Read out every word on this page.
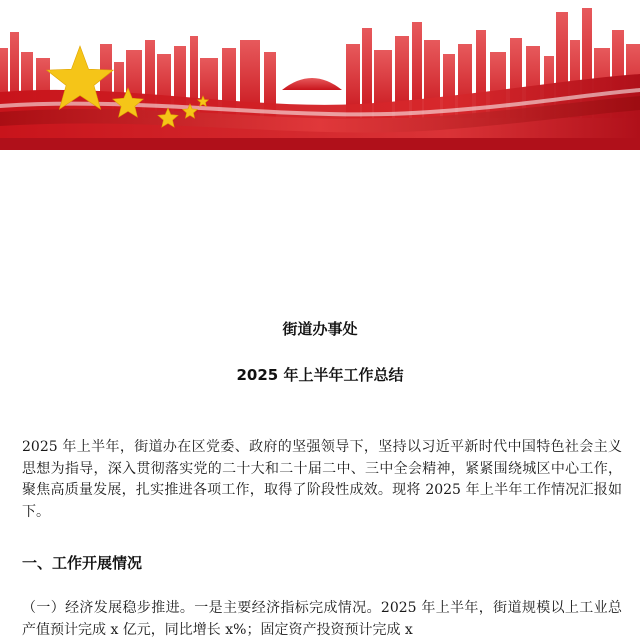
街道办事处
2025 年上半年工作总结
2025 年上半年，街道办在区党委、政府的坚强领导下，坚持以习近平新时代中国特色社会主义思想为指导，深入贯彻落实党的二十大和二十届二中、三中全会精神，紧紧围绕城区中心工作，聚焦高质量发展，扎实推进各项工作，取得了阶段性成效。现将 2025 年上半年工作情况汇报如下。
一、工作开展情况
（一）经济发展稳步推进。一是主要经济指标完成情况。2025 年上半年，街道规模以上工业总产值预计完成 x 亿元，同比增长 x%；固定资产投资预计完成 x
